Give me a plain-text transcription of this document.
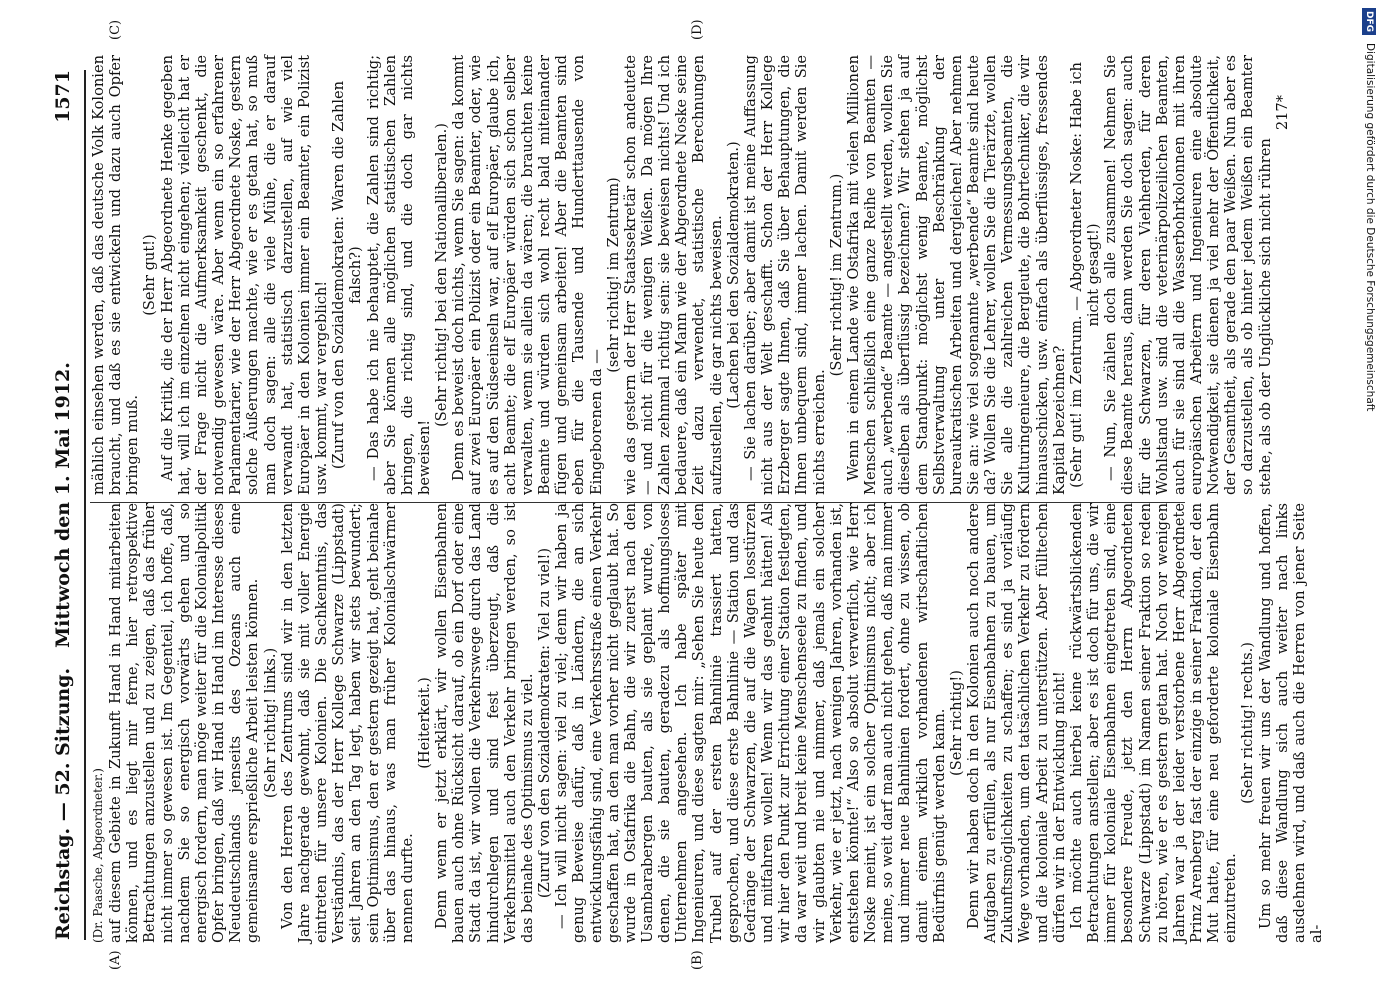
Reichstag. — 52. Sitzung.
Mittwoch den 1. Mai 1912.
1571
(A)	(B)
(C)	(D)

(Dr. Paasche, Abgeordneter.) auf diesem Gebiete in Zukunft Hand in Hand mitarbeiten können, und es liegt mir ferne, hier retrospektive Betrachtungen anzustellen und zu zeigen, daß das früher nicht immer so gewesen ist. Im Gegenteil, ich hoffe, daß, nachdem Sie so energisch vorwärts gehen und so energisch fordern, man möge weiter für die Kolonialpolitik Opfer bringen, daß wir Hand in Hand im Interesse dieses Neudeutschlands jenseits des Ozeans auch eine gemeinsame ersprießliche Arbeit leisten können. (Sehr richtig! links.) Von den Herren des Zentrums sind wir in den letzten Jahre nachgerade gewohnt, daß sie mit voller Energie eintreten für unsere Kolonien. Die Sachkenntnis, das Verständnis, das der Herr Kollege Schwarze (Lippstadt) seit Jahren an den Tag legt, haben wir stets bewundert; sein Optimismus, den er gestern gezeigt hat, geht beinahe über das hinaus, was man früher Kolonialschwärmer nennen durfte.

(Heiterkeit.) Denn wenn er jetzt erklärt, wir wollen Eisenbahnen bauen auch ohne Rücksicht darauf, ob ein Dorf oder eine Stadt da ist, wir wollen die Verkehrswege durch das Land hindurchlegen und sind fest überzeugt, daß die Verkehrsmittel auch den Verkehr bringen werden, so ist das beinahe des Optimismus zu viel. (Zuruf von den Sozialdemokraten: Viel zu viel!) — Ich will nicht sagen: viel zu viel; denn wir haben ja genug Beweise dafür, daß in Ländern, die an sich entwicklungsfähig sind, eine Verkehrsstraße einen Verkehr geschaffen hat, an den man vorher nicht geglaubt hat. So wurde in Ostafrika die Bahn, die wir zuerst nach den Usambarabergen bauten, als sie geplant wurde, von denen, die sie bauten, geradezu als hoffnungsloses Unternehmen angesehen. Ich habe später mit Ingenieuren, und diese sagten mir: „Sehen Sie heute den Trubel auf der ersten Bahnlinie trassiert hatten, gesprochen, und diese erste Bahnlinie — Station und das Gedränge der Schwarzen, die auf die Wagen losstürzen und mitfahren wollen! Wenn wir das geahnt hätten! Als wir hier den Punkt zur Errichtung einer Station festlegten, da war weit und breit keine Menschenseele zu finden, und wir glaubten nie und nimmer, daß jemals ein solcher Verkehr, wie er jetzt, nach wenigen Jahren, vorhanden ist, entstehen könnte!“ Also so absolut verwerflich, wie Herr Noske meint, ist ein solcher Optimismus nicht; aber ich meine, so weit darf man auch nicht gehen, daß man immer und immer neue Bahnlinien fordert, ohne zu wissen, ob damit einem wirklich vorhandenen wirtschaftlichen Bedürfnis genügt werden kann. (Sehr richtig!) Denn wir haben doch in den Kolonien auch noch andere Aufgaben zu erfüllen, als nur Eisenbahnen zu bauen, um Zukunftsmöglichkeiten zu schaffen; es sind ja vorläufig Wege vorhanden, um den tatsächlichen Verkehr zu fördern und die koloniale Arbeit zu unterstützen. Aber fülltechen dürfen wir in der Entwicklung nicht! Ich möchte auch hierbei keine rückwärtsblickenden Betrachtungen anstellen; aber es ist doch für uns, die wir immer für koloniale Eisenbahnen eingetreten sind, eine besondere Freude, jetzt den Herrn Abgeordneten Schwarze (Lippstadt) im Namen seiner Fraktion so reden zu hören, wie er es gestern getan hat. Noch vor wenigen Jahren war ja der leider verstorbene Herr Abgeordnete Prinz Arenberg fast der einzige in seiner Fraktion, der den Mut hatte, für eine neu geforderte koloniale Eisenbahn einzutreten.

(Sehr richtig! rechts.) Um so mehr freuen wir uns der Wandlung und hoffen, daß diese Wandlung sich auch weiter nach links ausdehnen wird, und daß auch die Herren von jener Seite al-

mählich einsehen werden, daß das deutsche Volk Kolonien braucht, und daß es sie entwickeln und dazu auch Opfer bringen muß.

(Sehr gut!) Auf die Kritik, die der Herr Abgeordnete Henke gegeben hat, will ich im einzelnen nicht eingehen; vielleicht hat er der Frage nicht die Aufmerksamkeit geschenkt, die notwendig gewesen wäre. Aber wenn ein so erfahrener Parlamentarier, wie der Herr Abgeordnete Noske, gestern solche Äußerungen machte, wie er es getan hat, so muß man doch sagen: alle die viele Mühe, die er darauf verwandt hat, statistisch darzustellen, auf wie viel Europäer in den Kolonien immer ein Beamter, ein Polizist usw. kommt, war vergeblich! (Zuruf von den Sozialdemokraten: Waren die Zahlen falsch?) — Das habe ich nie behauptet, die Zahlen sind richtig; aber Sie können alle möglichen statistischen Zahlen bringen, die richtig sind, und die doch gar nichts beweisen!

(Sehr richtig! bei den Nationalliberalen.) Denn es beweist doch nichts, wenn Sie sagen: da kommt auf zwei Europäer ein Polizist oder ein Beamter, oder, wie es auf den Südseeinseln war, auf elf Europäer, glaube ich, acht Beamte; die elf Europäer würden sich schon selber verwalten, wenn sie allein da wären; die brauchten keine Beamte und würden sich wohl recht bald miteinander fügen und gemeinsam arbeiten! Aber die Beamten sind eben für die Tausende und Hunderttausende von Eingeborenen da —

(sehr richtig! im Zentrum) wie das gestern der Herr Staatssekretär schon andeutete — und nicht für die wenigen Weißen. Da mögen Ihre Zahlen zehnmal richtig sein: sie beweisen nichts! Und ich bedauere, daß ein Mann wie der Abgeordnete Noske seine Zeit dazu verwendet, statistische Berechnungen aufzustellen, die gar nichts beweisen. (Lachen bei den Sozialdemokraten.) — Sie lachen darüber; aber damit ist meine Auffassung nicht aus der Welt geschafft. Schon der Herr Kollege Erzberger sagte Ihnen, daß Sie über Behauptungen, die Ihnen unbequem sind, immer lachen. Damit werden Sie nichts erreichen.

(Sehr richtig! im Zentrum.) Wenn in einem Lande wie Ostafrika mit vielen Millionen Menschen schließlich eine ganze Reihe von Beamten — auch „werbende“ Beamte — angestellt werden, wollen Sie dieselben als überflüssig bezeichnen? Wir stehen ja auf dem Standpunkt: möglichst wenig Beamte, möglichst Selbstverwaltung unter Beschränkung der bureaukratischen Arbeiten und dergleichen! Aber nehmen Sie an: wie viel sogenannte „werbende“ Beamte sind heute da? Wollen Sie die Lehrer, wollen Sie die Tierärzte, wollen Sie alle die zahlreichen Vermessungsbeamten, die Kulturingenieure, die Bergleute, die Bohrtechniker, die wir hinausschicken, usw. einfach als überflüssiges, fressendes Kapital bezeichnen? (Sehr gut! im Zentrum. — Abgeordneter Noske: Habe ich nicht gesagt!) — Nun, Sie zählen doch alle zusammen! Nehmen Sie diese Beamte heraus, dann werden Sie doch sagen: auch für die Schwarzen, für deren Viehherden, für deren Wohlstand usw. sind die veterinärpolizeilichen Beamten, auch für sie sind all die Wasserbohrkolonnen mit ihren europäischen Arbeitern und Ingenieuren eine absolute Notwendigkeit, sie dienen ja viel mehr der Öffentlichkeit, der Gesamtheit, als gerade den paar Weißen. Nun aber es so darzustellen, als ob hinter jedem Weißen ein Beamter stehe, als ob der Unglückliche sich nicht rühren

217*

DFGDigitalisierung gefördert durch die Deutsche Forschungsgemeinschaft
